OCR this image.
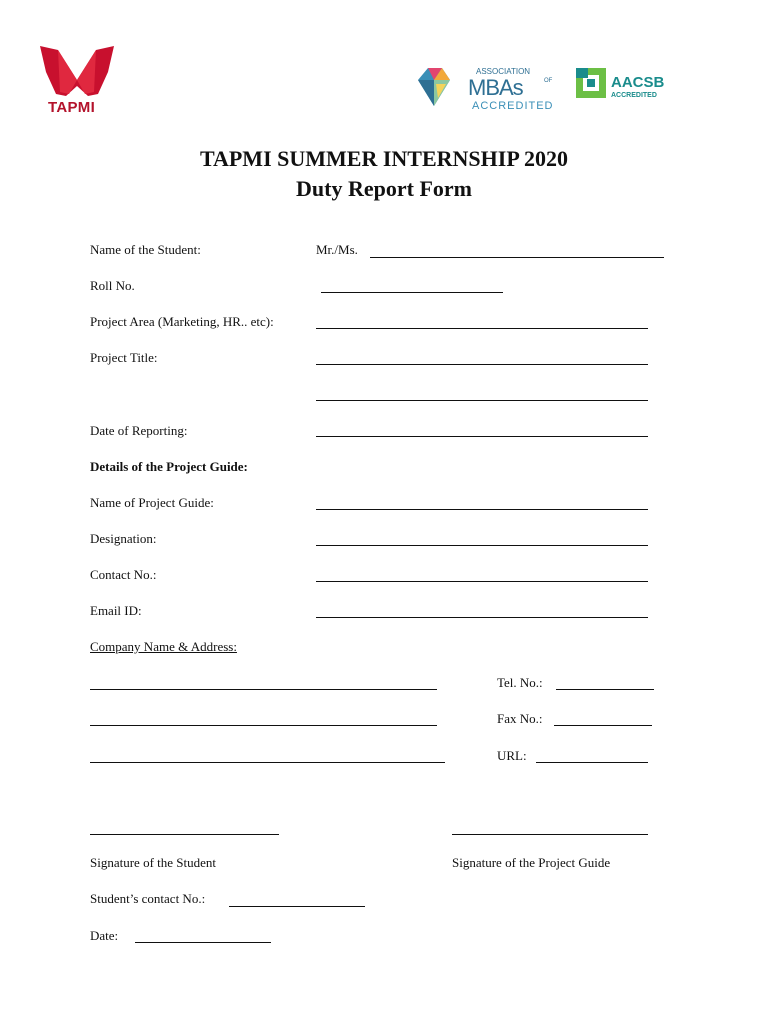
TAPMI
ASSOCIATION
MBAs	OF
ACCREDITED
AACSB
ACCREDITED
TAPMI SUMMER INTERNSHIP 2020
Duty Report Form
Name of the Student:	Mr./Ms.
Roll No.
Project Area (Marketing, HR.. etc):
Project Title:
Date of Reporting:
Details of the Project Guide:
Name of Project Guide:
Designation:
Contact No.:
Email ID:
Company Name & Address:
Tel. No.:
Fax No.:
URL:
Signature of the Student	Signature of the Project Guide
Student’s contact No.:
Date:
